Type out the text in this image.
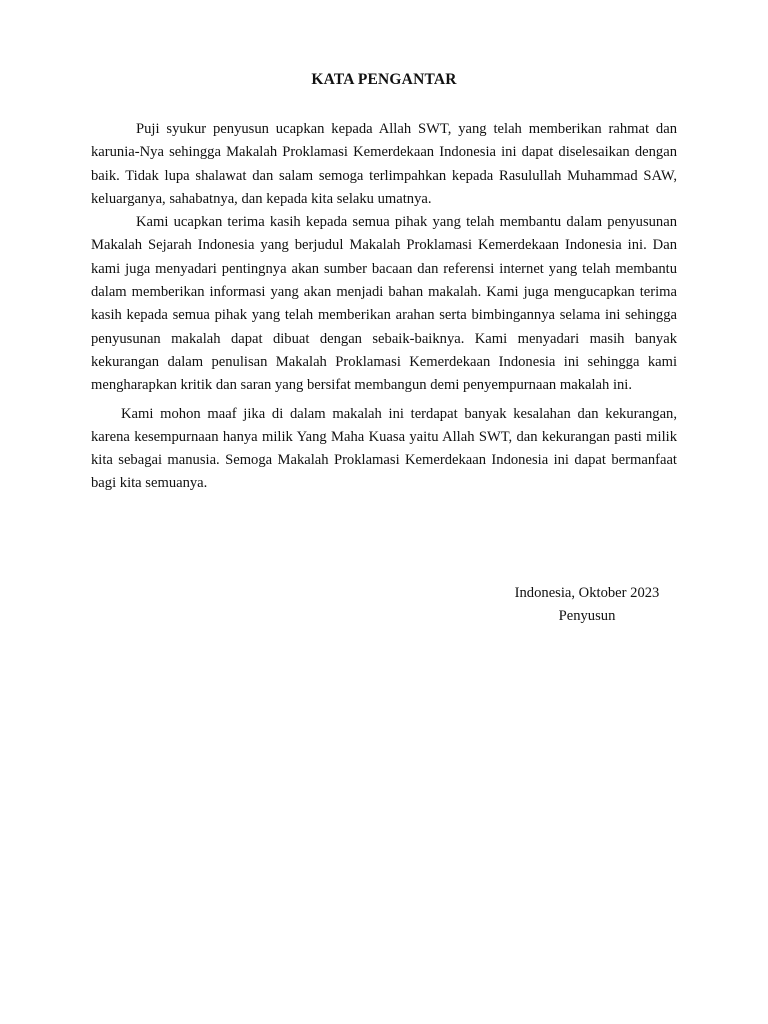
KATA PENGANTAR

Puji syukur penyusun ucapkan kepada Allah SWT, yang telah memberikan rahmat dan karunia-Nya sehingga Makalah Proklamasi Kemerdekaan Indonesia ini dapat diselesaikan dengan baik. Tidak lupa shalawat dan salam semoga terlimpahkan kepada Rasulullah Muhammad SAW, keluarganya, sahabatnya, dan kepada kita selaku umatnya.

Kami ucapkan terima kasih kepada semua pihak yang telah membantu dalam penyusunan Makalah Sejarah Indonesia yang berjudul Makalah Proklamasi Kemerdekaan Indonesia ini. Dan kami juga menyadari pentingnya akan sumber bacaan dan referensi internet yang telah membantu dalam memberikan informasi yang akan menjadi bahan makalah. Kami juga mengucapkan terima kasih kepada semua pihak yang telah memberikan arahan serta bimbingannya selama ini sehingga penyusunan makalah dapat dibuat dengan sebaik-baiknya. Kami menyadari masih banyak kekurangan dalam penulisan Makalah Proklamasi Kemerdekaan Indonesia ini sehingga kami mengharapkan kritik dan saran yang bersifat membangun demi penyempurnaan makalah ini.

Kami mohon maaf jika di dalam makalah ini terdapat banyak kesalahan dan kekurangan, karena kesempurnaan hanya milik Yang Maha Kuasa yaitu Allah SWT, dan kekurangan pasti milik kita sebagai manusia. Semoga Makalah Proklamasi Kemerdekaan Indonesia ini dapat bermanfaat bagi kita semuanya.

Indonesia, Oktober 2023
Penyusun
